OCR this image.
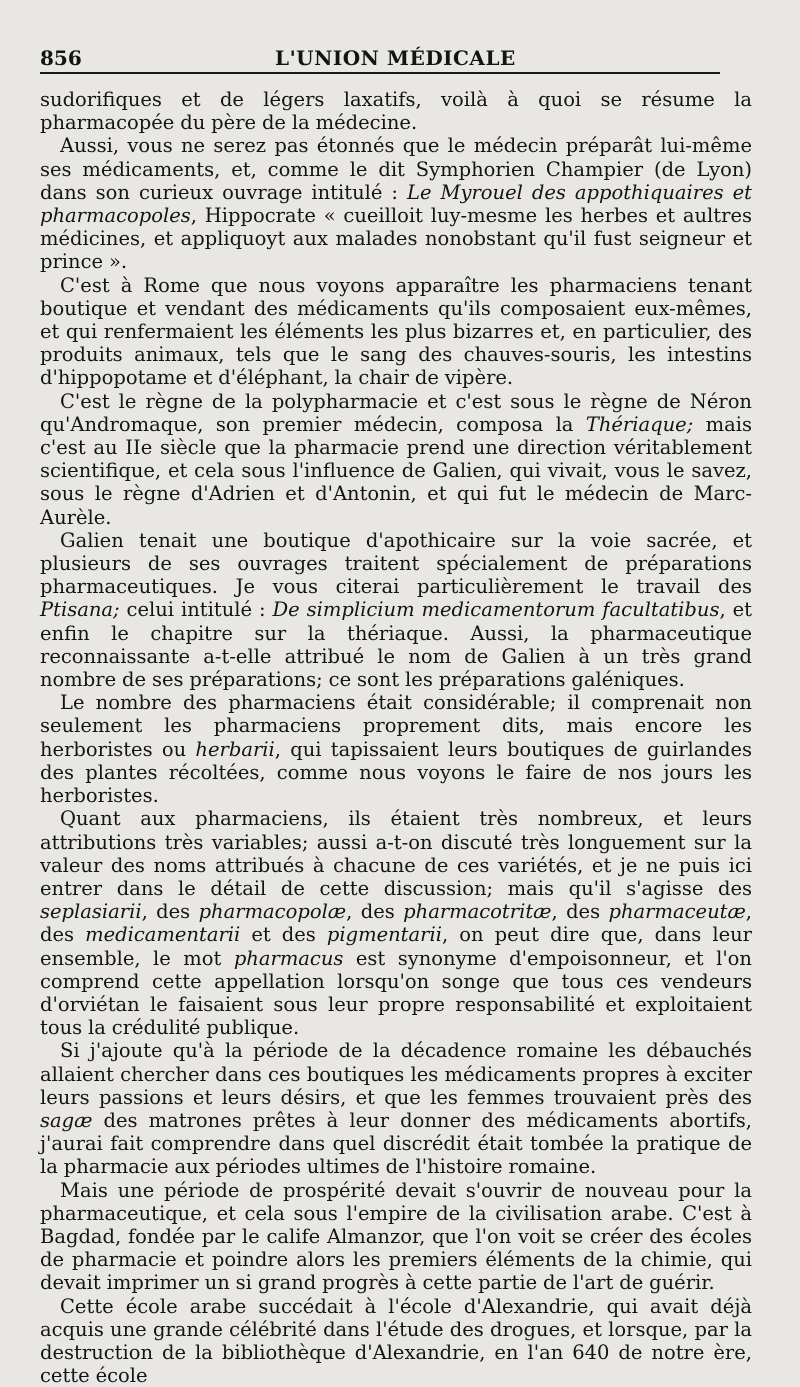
856	L'UNION MÉDICALE

sudorifiques et de légers laxatifs, voilà à quoi se résume la pharmacopée du père de la médecine.

Aussi, vous ne serez pas étonnés que le médecin préparât lui-même ses médicaments, et, comme le dit Symphorien Champier (de Lyon) dans son curieux ouvrage intitulé : Le Myrouel des appothiquaires et pharmacopoles, Hippocrate « cueilloit luy-mesme les herbes et aultres médicines, et appliquoyt aux malades nonobstant qu'il fust seigneur et prince ».

C'est à Rome que nous voyons apparaître les pharmaciens tenant boutique et vendant des médicaments qu'ils composaient eux-mêmes, et qui renfermaient les éléments les plus bizarres et, en particulier, des produits animaux, tels que le sang des chauves-souris, les intestins d'hippopotame et d'éléphant, la chair de vipère.

C'est le règne de la polypharmacie et c'est sous le règne de Néron qu'Andromaque, son premier médecin, composa la Thériaque; mais c'est au IIe siècle que la pharmacie prend une direction véritablement scientifique, et cela sous l'influence de Galien, qui vivait, vous le savez, sous le règne d'Adrien et d'Antonin, et qui fut le médecin de Marc-Aurèle.

Galien tenait une boutique d'apothicaire sur la voie sacrée, et plusieurs de ses ouvrages traitent spécialement de préparations pharmaceutiques. Je vous citerai particulièrement le travail des Ptisana; celui intitulé : De simplicium medicamentorum facultatibus, et enfin le chapitre sur la thériaque. Aussi, la pharmaceutique reconnaissante a-t-elle attribué le nom de Galien à un très grand nombre de ses préparations; ce sont les préparations galéniques.

Le nombre des pharmaciens était considérable; il comprenait non seulement les pharmaciens proprement dits, mais encore les herboristes ou herbarii, qui tapissaient leurs boutiques de guirlandes des plantes récoltées, comme nous voyons le faire de nos jours les herboristes.

Quant aux pharmaciens, ils étaient très nombreux, et leurs attributions très variables; aussi a-t-on discuté très longuement sur la valeur des noms attribués à chacune de ces variétés, et je ne puis ici entrer dans le détail de cette discussion; mais qu'il s'agisse des seplasiarii, des pharmacopolæ, des pharmacotritæ, des pharmaceutæ, des medicamentarii et des pigmentarii, on peut dire que, dans leur ensemble, le mot pharmacus est synonyme d'empoisonneur, et l'on comprend cette appellation lorsqu'on songe que tous ces vendeurs d'orviétan le faisaient sous leur propre responsabilité et exploitaient tous la crédulité publique.

Si j'ajoute qu'à la période de la décadence romaine les débauchés allaient chercher dans ces boutiques les médicaments propres à exciter leurs passions et leurs désirs, et que les femmes trouvaient près des sagæ des matrones prêtes à leur donner des médicaments abortifs, j'aurai fait comprendre dans quel discrédit était tombée la pratique de la pharmacie aux périodes ultimes de l'histoire romaine.

Mais une période de prospérité devait s'ouvrir de nouveau pour la pharmaceutique, et cela sous l'empire de la civilisation arabe. C'est à Bagdad, fondée par le calife Almanzor, que l'on voit se créer des écoles de pharmacie et poindre alors les premiers éléments de la chimie, qui devait imprimer un si grand progrès à cette partie de l'art de guérir.

Cette école arabe succédait à l'école d'Alexandrie, qui avait déjà acquis une grande célébrité dans l'étude des drogues, et lorsque, par la destruction de la bibliothèque d'Alexandrie, en l'an 640 de notre ère, cette école
